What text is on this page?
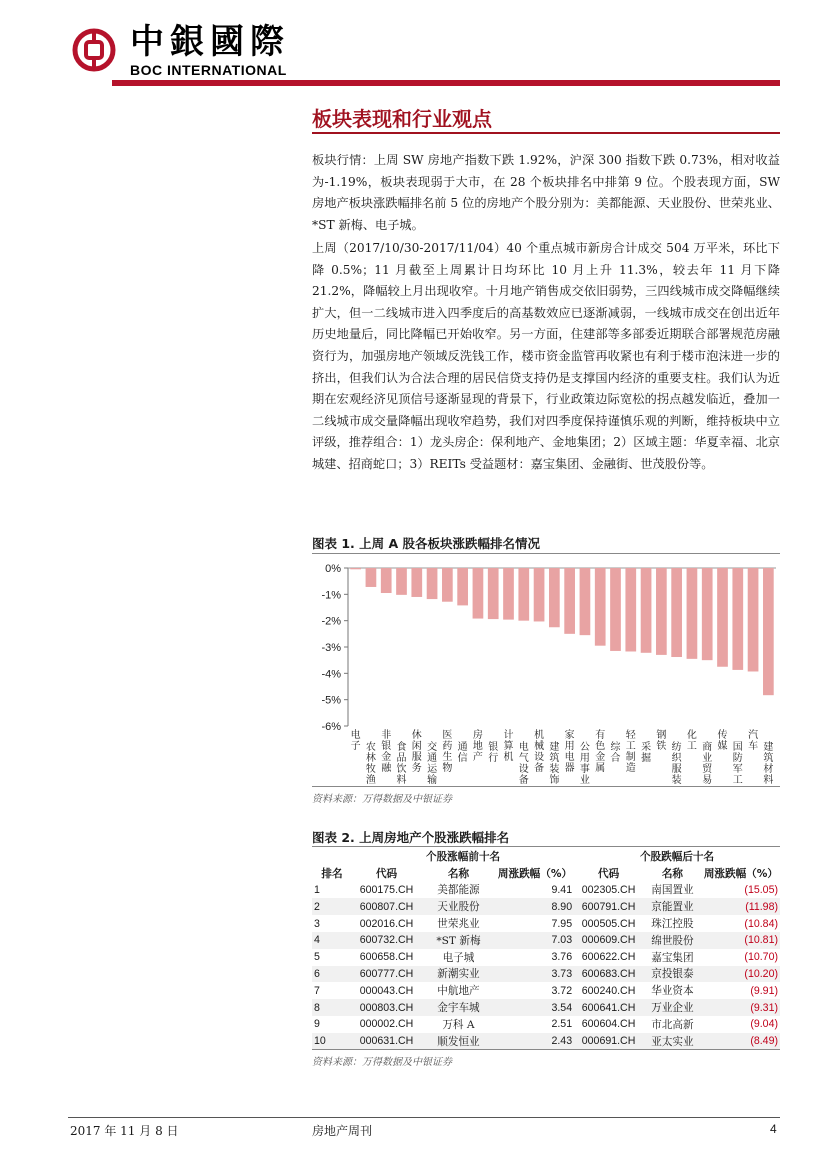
中銀國際
BOC INTERNATIONAL
板块表现和行业观点
板块行情：上周 SW 房地产指数下跌 1.92%，沪深 300 指数下跌 0.73%，相对收益为-1.19%，板块表现弱于大市，在 28 个板块排名中排第 9 位。个股表现方面，SW 房地产板块涨跌幅排名前 5 位的房地产个股分别为：美都能源、天业股份、世荣兆业、*ST 新梅、电子城。
上周（2017/10/30-2017/11/04）40 个重点城市新房合计成交 504 万平米，环比下降 0.5%；11 月截至上周累计日均环比 10 月上升 11.3%，较去年 11 月下降 21.2%，降幅较上月出现收窄。十月地产销售成交依旧弱势，三四线城市成交降幅继续扩大，但一二线城市进入四季度后的高基数效应已逐渐减弱，一线城市成交在创出近年历史地量后，同比降幅已开始收窄。另一方面，住建部等多部委近期联合部署规范房融资行为，加强房地产领域反洗钱工作，楼市资金监管再收紧也有利于楼市泡沫进一步的挤出，但我们认为合法合理的居民信贷支持仍是支撑国内经济的重要支柱。我们认为近期在宏观经济见顶信号逐渐显现的背景下，行业政策边际宽松的拐点越发临近，叠加一二线城市成交量降幅出现收窄趋势，我们对四季度保持谨慎乐观的判断，维持板块中立评级，推荐组合：1）龙头房企：保利地产、金地集团；2）区域主题：华夏幸福、北京城建、招商蛇口；3）REITs 受益题材：嘉宝集团、金融街、世茂股份等。
图表 1. 上周 A 股各板块涨跌幅排名情况
0%
-1%
-2%
-3%
-4%
-5%
-6%
电子 农林牧渔
非银金融
食品饮料
休闲服务
交通运输
医药生物
通信
房地产
银行
计算机
电气设备
机械设备
建筑装饰
家用电器
公用事业
有色金属
综合
轻工制造
采掘
钢铁 纺织服装
化工 商业贸易
传媒 国防军工
汽车 建筑材料
资料来源：万得数据及中银证券
图表 2. 上周房地产个股涨跌幅排名
	个股涨幅前十名			个股跌幅后十名		
排名	代码	名称	周涨跌幅（%）	代码	名称	周涨跌幅（%）
1	600175.CH	美都能源	9.41	002305.CH	南国置业	(15.05)
2	600807.CH	天业股份	8.90	600791.CH	京能置业	(11.98)
3	002016.CH	世荣兆业	7.95	000505.CH	珠江控股	(10.84)
4	600732.CH	*ST 新梅	7.03	000609.CH	绵世股份	(10.81)
5	600658.CH	电子城	3.76	600622.CH	嘉宝集团	(10.70)
6	600777.CH	新潮实业	3.73	600683.CH	京投银泰	(10.20)
7	000043.CH	中航地产	3.72	600240.CH	华业资本	(9.91)
8	000803.CH	金宇车城	3.54	600641.CH	万业企业	(9.31)
9	000002.CH	万科 A	2.51	600604.CH	市北高新	(9.04)
10	000631.CH	顺发恒业	2.43	000691.CH	亚太实业	(8.49)
资料来源：万得数据及中银证券
2017 年 11 月 8 日	房地产周刊	4
